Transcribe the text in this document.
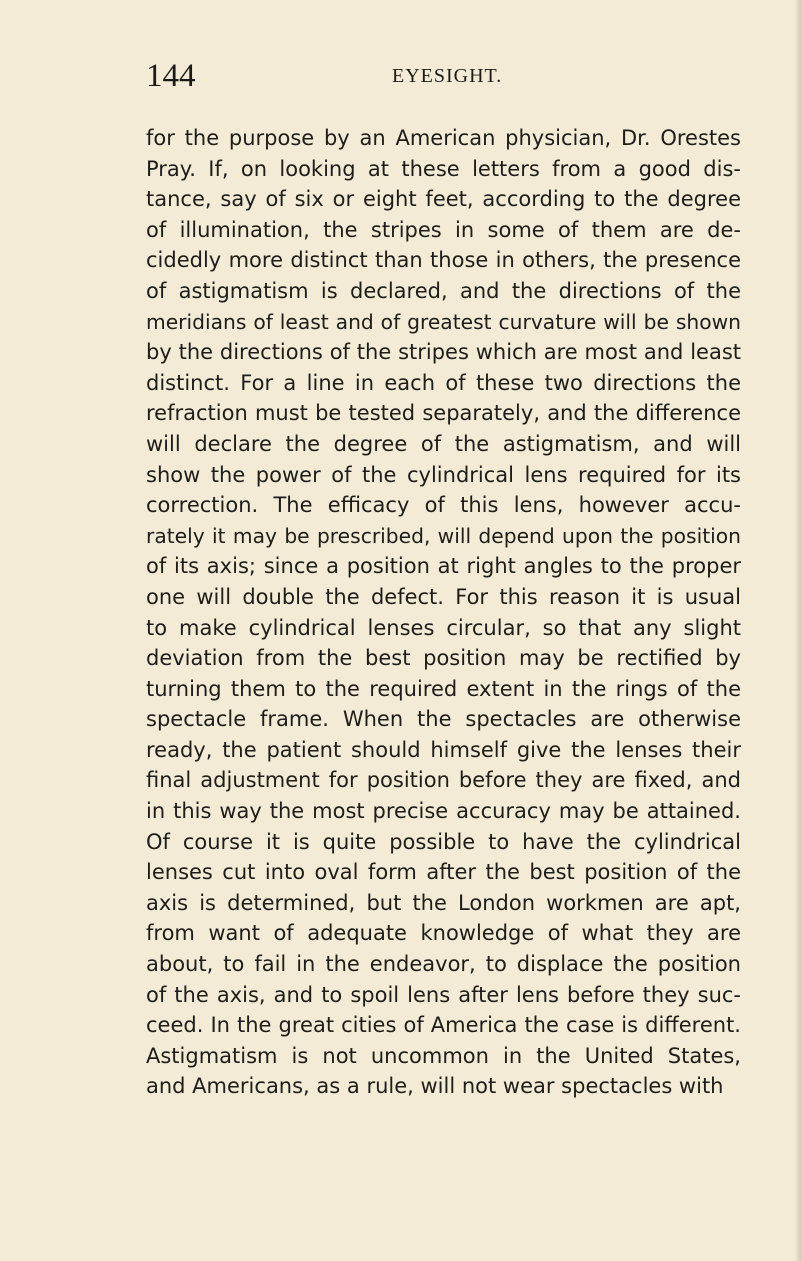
144	EYESIGHT.
for the purpose by an American physician, Dr. Orestes
Pray. If, on looking at these letters from a good dis-
tance, say of six or eight feet, according to the degree
of illumination, the stripes in some of them are de-
cidedly more distinct than those in others, the presence
of astigmatism is declared, and the directions of the
meridians of least and of greatest curvature will be shown
by the directions of the stripes which are most and least
distinct. For a line in each of these two directions the
refraction must be tested separately, and the difference
will declare the degree of the astigmatism, and will
show the power of the cylindrical lens required for its
correction. The efficacy of this lens, however accu-
rately it may be prescribed, will depend upon the position
of its axis; since a position at right angles to the proper
one will double the defect. For this reason it is usual
to make cylindrical lenses circular, so that any slight
deviation from the best position may be rectified by
turning them to the required extent in the rings of the
spectacle frame. When the spectacles are otherwise
ready, the patient should himself give the lenses their
final adjustment for position before they are fixed, and
in this way the most precise accuracy may be attained.
Of course it is quite possible to have the cylindrical
lenses cut into oval form after the best position of the
axis is determined, but the London workmen are apt,
from want of adequate knowledge of what they are
about, to fail in the endeavor, to displace the position
of the axis, and to spoil lens after lens before they suc-
ceed. In the great cities of America the case is different.
Astigmatism is not uncommon in the United States,
and Americans, as a rule, will not wear spectacles with
